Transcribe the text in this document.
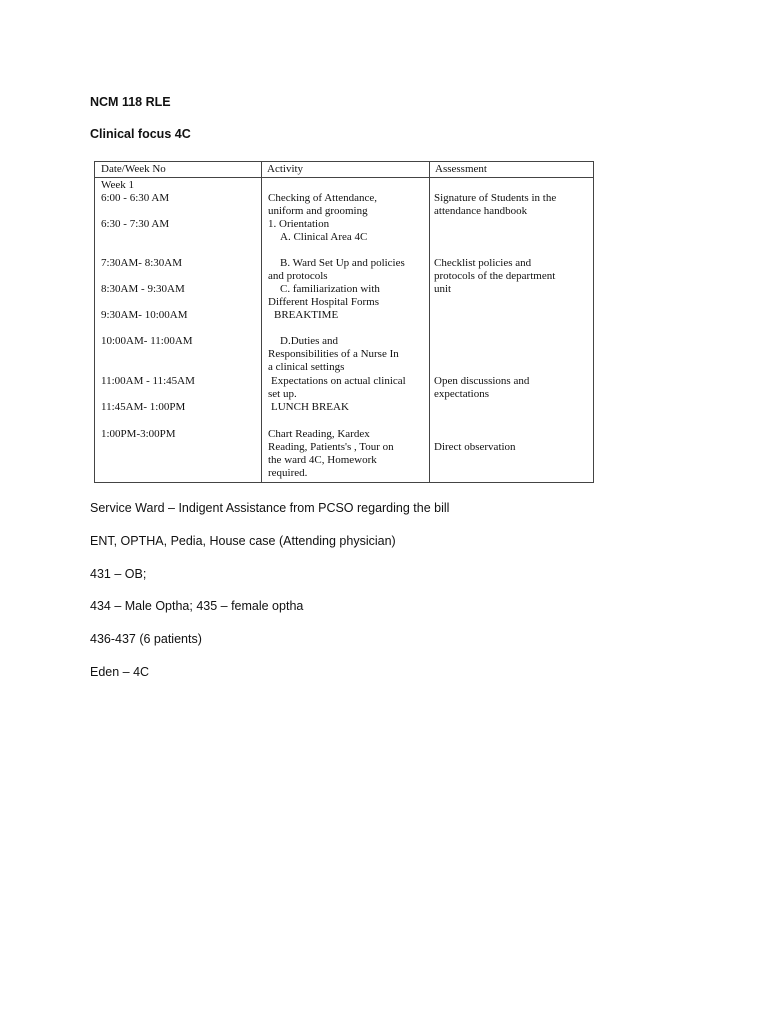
NCM 118 RLE
Clinical focus 4C
Date/Week No	Activity	Assessment
Week 1
6:00 - 6:30 AM
6:30 - 7:30 AM
7:30AM- 8:30AM
8:30AM - 9:30AM
9:30AM- 10:00AM
10:00AM- 11:00AM
11:00AM - 11:45AM
11:45AM- 1:00PM
1:00PM-3:00PM
Checking of Attendance,
uniform and grooming
1. Orientation
A. Clinical Area 4C
B. Ward Set Up and policies
and protocols
C. familiarization with
Different Hospital Forms
BREAKTIME
D.Duties and
Responsibilities of a Nurse In
a clinical settings
Expectations on actual clinical
set up.
LUNCH BREAK
Chart Reading, Kardex
Reading, Patients's , Tour on
the ward 4C, Homework
required.
Signature of Students in the
attendance handbook
Checklist policies and
protocols of the department
unit
Open discussions and
expectations
Direct observation
Service Ward – Indigent Assistance from PCSO regarding the bill
ENT, OPTHA, Pedia, House case (Attending physician)
431 – OB;
434 – Male Optha; 435 – female optha
436-437 (6 patients)
Eden – 4C
